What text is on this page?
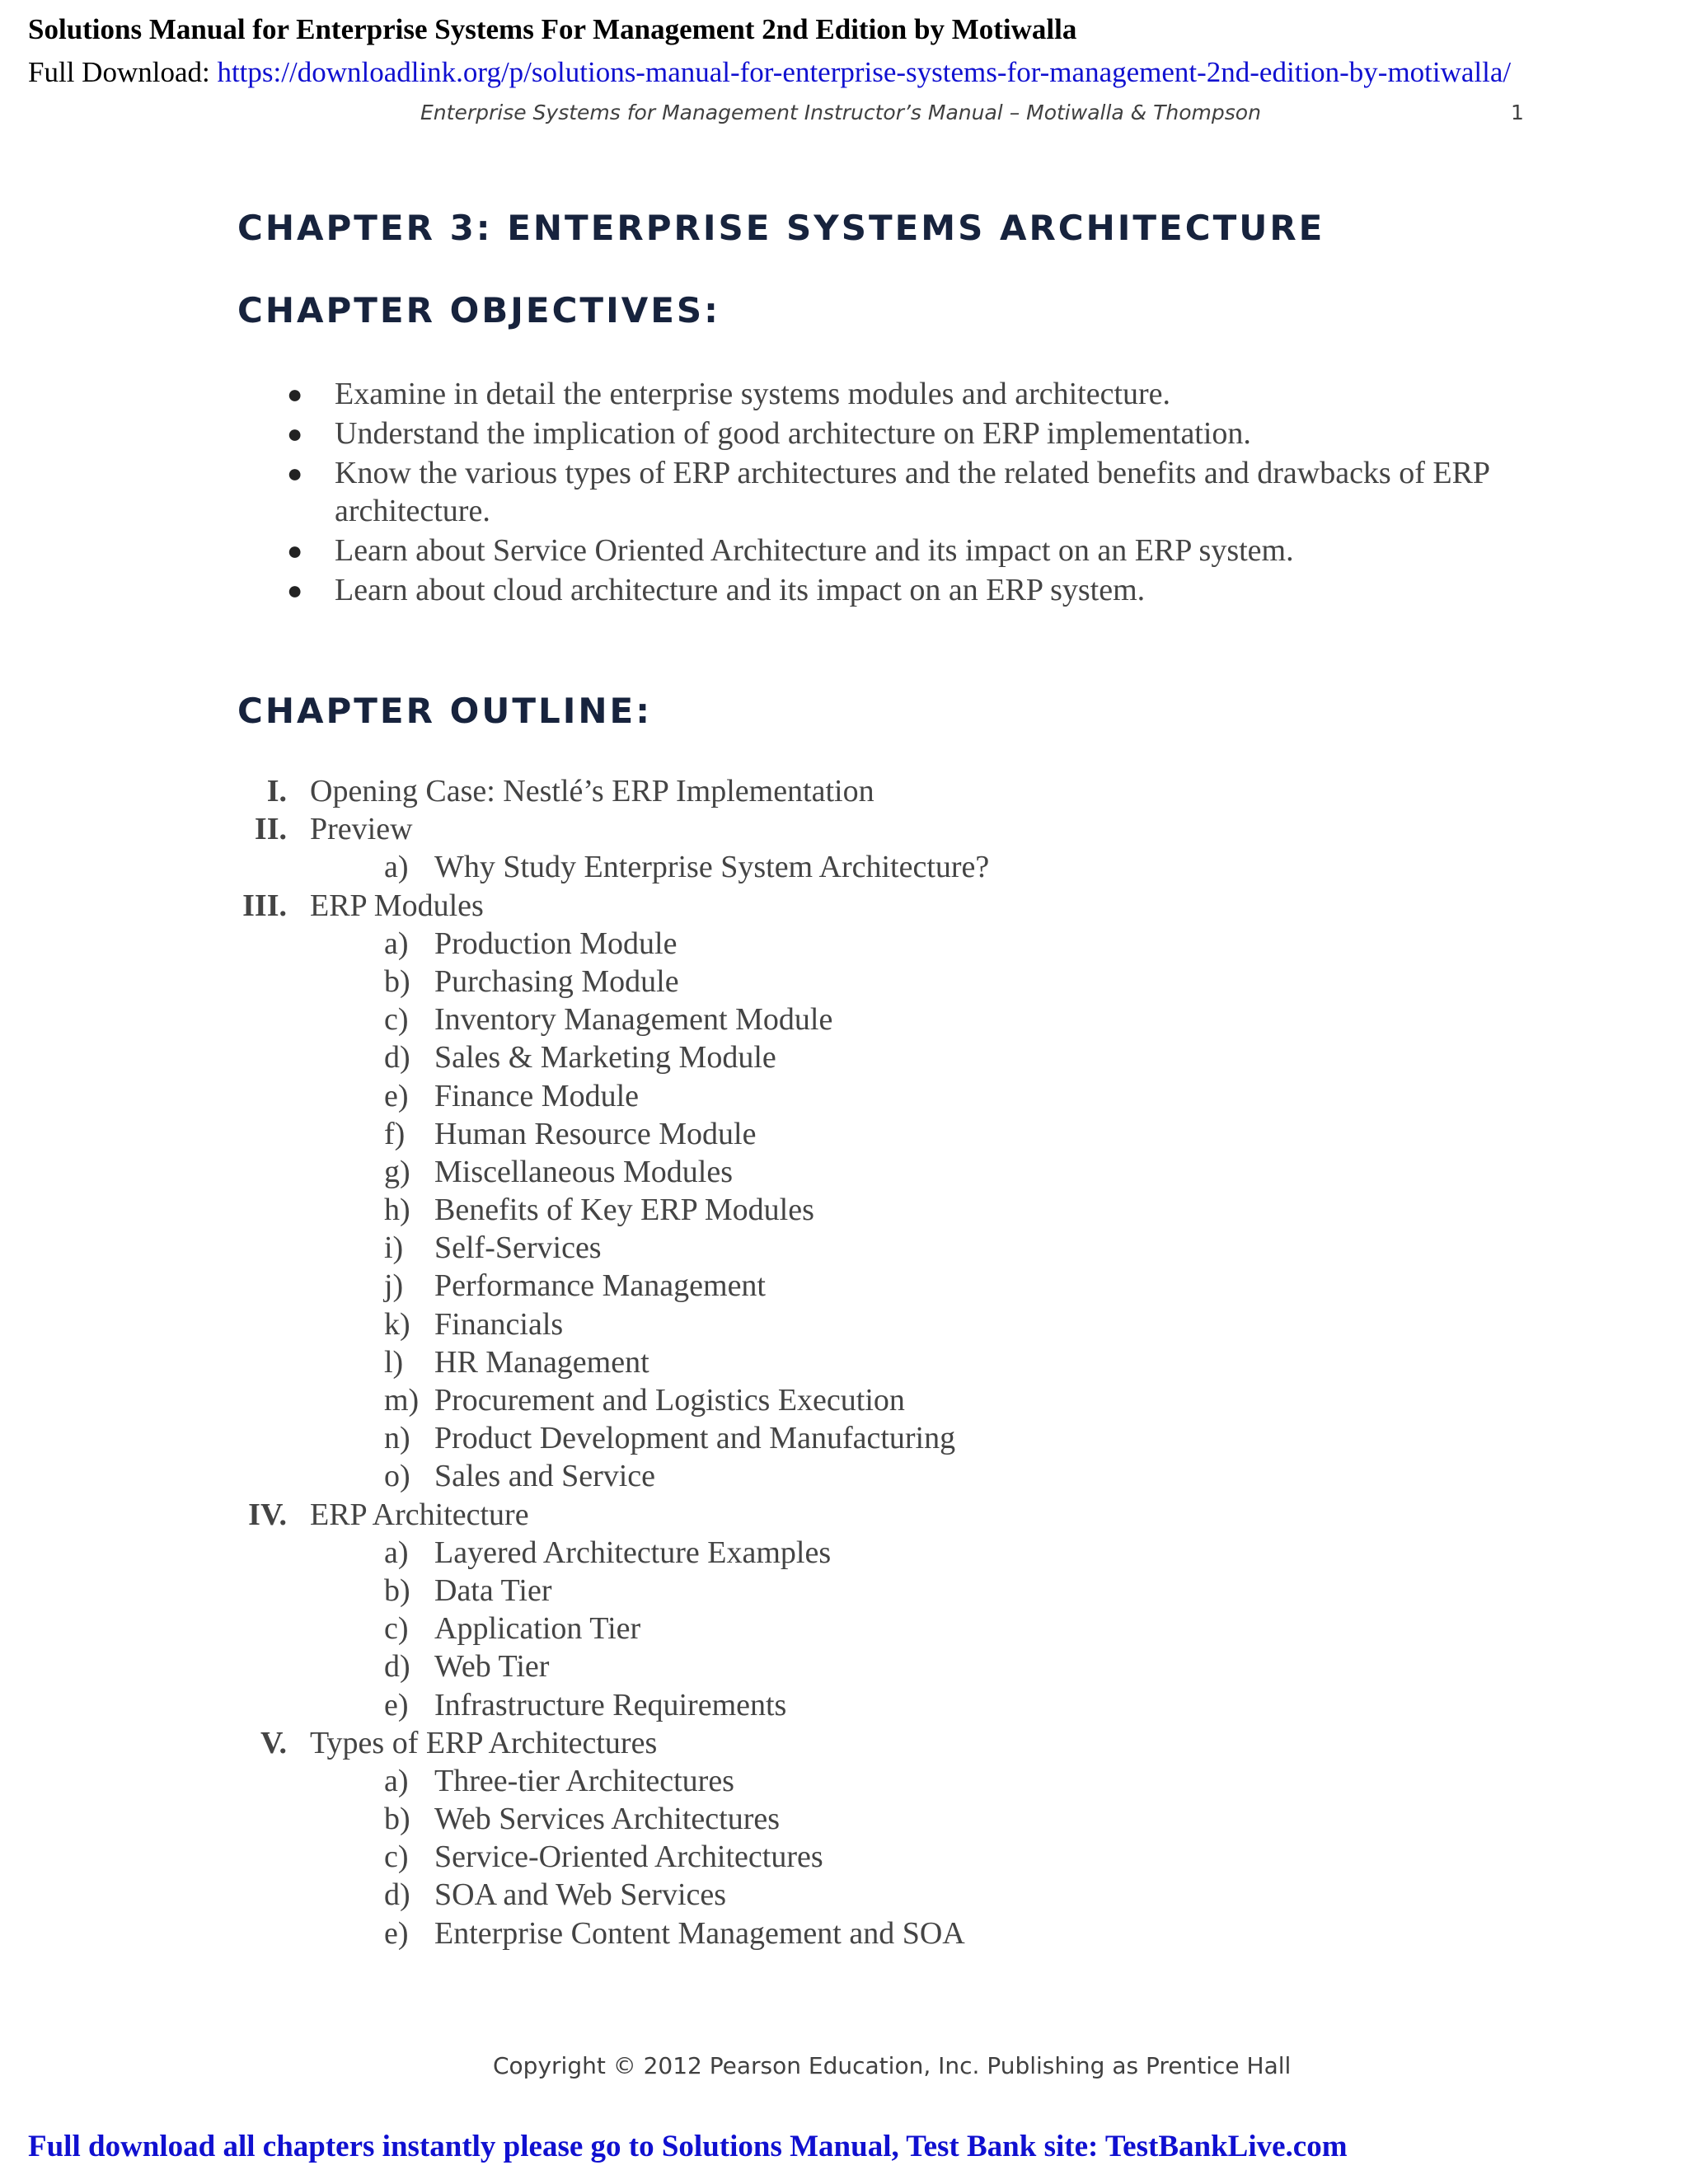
Solutions Manual for Enterprise Systems For Management 2nd Edition by Motiwalla
Full Download: https://downloadlink.org/p/solutions-manual-for-enterprise-systems-for-management-2nd-edition-by-motiwalla/
Enterprise Systems for Management Instructor’s Manual – Motiwalla & Thompson	1
CHAPTER 3: ENTERPRISE SYSTEMS ARCHITECTURE
CHAPTER OBJECTIVES:
● Examine in detail the enterprise systems modules and architecture.
● Understand the implication of good architecture on ERP implementation.
● Know the various types of ERP architectures and the related benefits and drawbacks of ERP architecture.
● Learn about Service Oriented Architecture and its impact on an ERP system.
● Learn about cloud architecture and its impact on an ERP system.
CHAPTER OUTLINE:
I. Opening Case: Nestlé’s ERP Implementation
II. Preview
a) Why Study Enterprise System Architecture?
III. ERP Modules
a) Production Module
b) Purchasing Module
c) Inventory Management Module
d) Sales & Marketing Module
e) Finance Module
f) Human Resource Module
g) Miscellaneous Modules
h) Benefits of Key ERP Modules
i) Self-Services
j) Performance Management
k) Financials
l) HR Management
m) Procurement and Logistics Execution
n) Product Development and Manufacturing
o) Sales and Service
IV. ERP Architecture
a) Layered Architecture Examples
b) Data Tier
c) Application Tier
d) Web Tier
e) Infrastructure Requirements
V. Types of ERP Architectures
a) Three-tier Architectures
b) Web Services Architectures
c) Service-Oriented Architectures
d) SOA and Web Services
e) Enterprise Content Management and SOA
Copyright © 2012 Pearson Education, Inc. Publishing as Prentice Hall
Full download all chapters instantly please go to Solutions Manual, Test Bank site: TestBankLive.com
